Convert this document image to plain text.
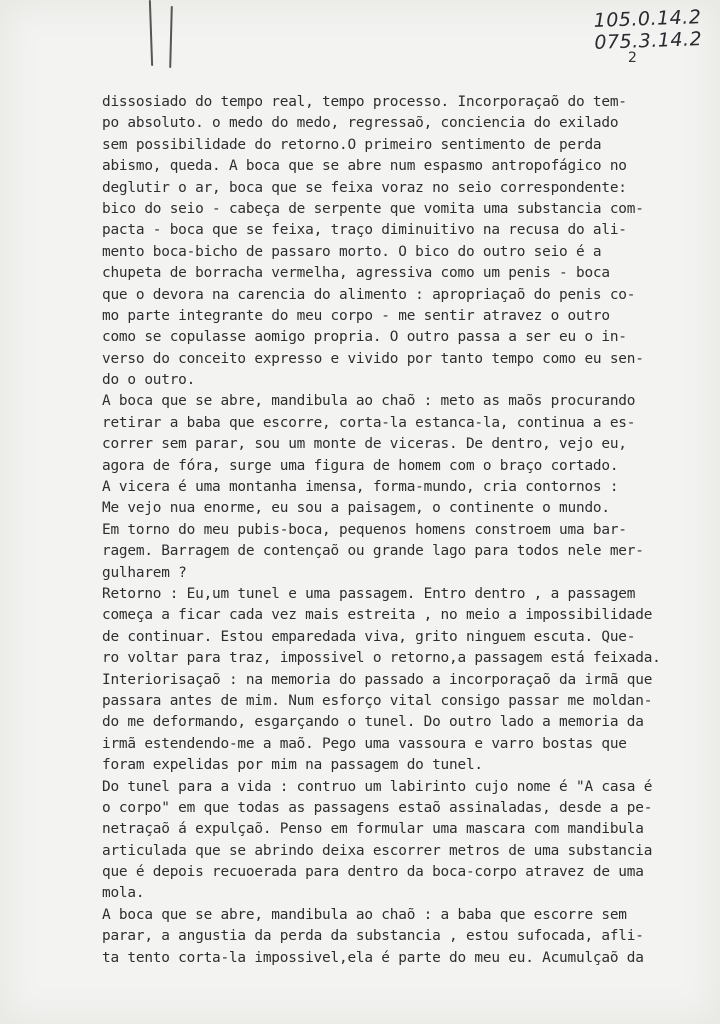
105.0.14.2
075.3.14.2
2
dissosiado do tempo real, tempo processo. Incorporaçaõ do tem-
po absoluto. o medo do medo, regressaõ, conciencia do exilado
sem possibilidade do retorno.O primeiro sentimento de perda
abismo, queda. A boca que se abre num espasmo antropofágico no
deglutir o ar, boca que se feixa voraz no seio correspondente:
bico do seio - cabeça de serpente que vomita uma substancia com-
pacta - boca que se feixa, traço diminuitivo na recusa do ali-
mento boca-bicho de passaro morto. O bico do outro seio é a
chupeta de borracha vermelha, agressiva como um penis - boca
que o devora na carencia do alimento : apropriaçaõ do penis co-
mo parte integrante do meu corpo - me sentir atravez o outro
como se copulasse aomigo propria. O outro passa a ser eu o in-
verso do conceito expresso e vivido por tanto tempo como eu sen-
do o outro.
A boca que se abre, mandibula ao chaõ : meto as maõs procurando
retirar a baba que escorre, corta-la estanca-la, continua a es-
correr sem parar, sou um monte de viceras. De dentro, vejo eu,
agora de fóra, surge uma figura de homem com o braço cortado.
A vicera é uma montanha imensa, forma-mundo, cria contornos :
Me vejo nua enorme, eu sou a paisagem, o continente o mundo.
Em torno do meu pubis-boca, pequenos homens constroem uma bar-
ragem. Barragem de contençaõ ou grande lago para todos nele mer-
gulharem ?
Retorno : Eu,um tunel e uma passagem. Entro dentro , a passagem
começa a ficar cada vez mais estreita , no meio a impossibilidade
de continuar. Estou emparedada viva, grito ninguem escuta. Que-
ro voltar para traz, impossivel o retorno,a passagem está feixada.
Interiorisaçaõ : na memoria do passado a incorporaçaõ da irmã que
passara antes de mim. Num esforço vital consigo passar me moldan-
do me deformando, esgarçando o tunel. Do outro lado a memoria da
irmã estendendo-me a maõ. Pego uma vassoura e varro bostas que
foram expelidas por mim na passagem do tunel.
Do tunel para a vida : contruo um labirinto cujo nome é "A casa é
o corpo" em que todas as passagens estaõ assinaladas, desde a pe-
netraçaõ á expulçaõ. Penso em formular uma mascara com mandibula
articulada que se abrindo deixa escorrer metros de uma substancia
que é depois recuoerada para dentro da boca-corpo atravez de uma
mola.
A boca que se abre, mandibula ao chaõ : a baba que escorre sem
parar, a angustia da perda da substancia , estou sufocada, afli-
ta tento corta-la impossivel,ela é parte do meu eu. Acumulçaõ da
